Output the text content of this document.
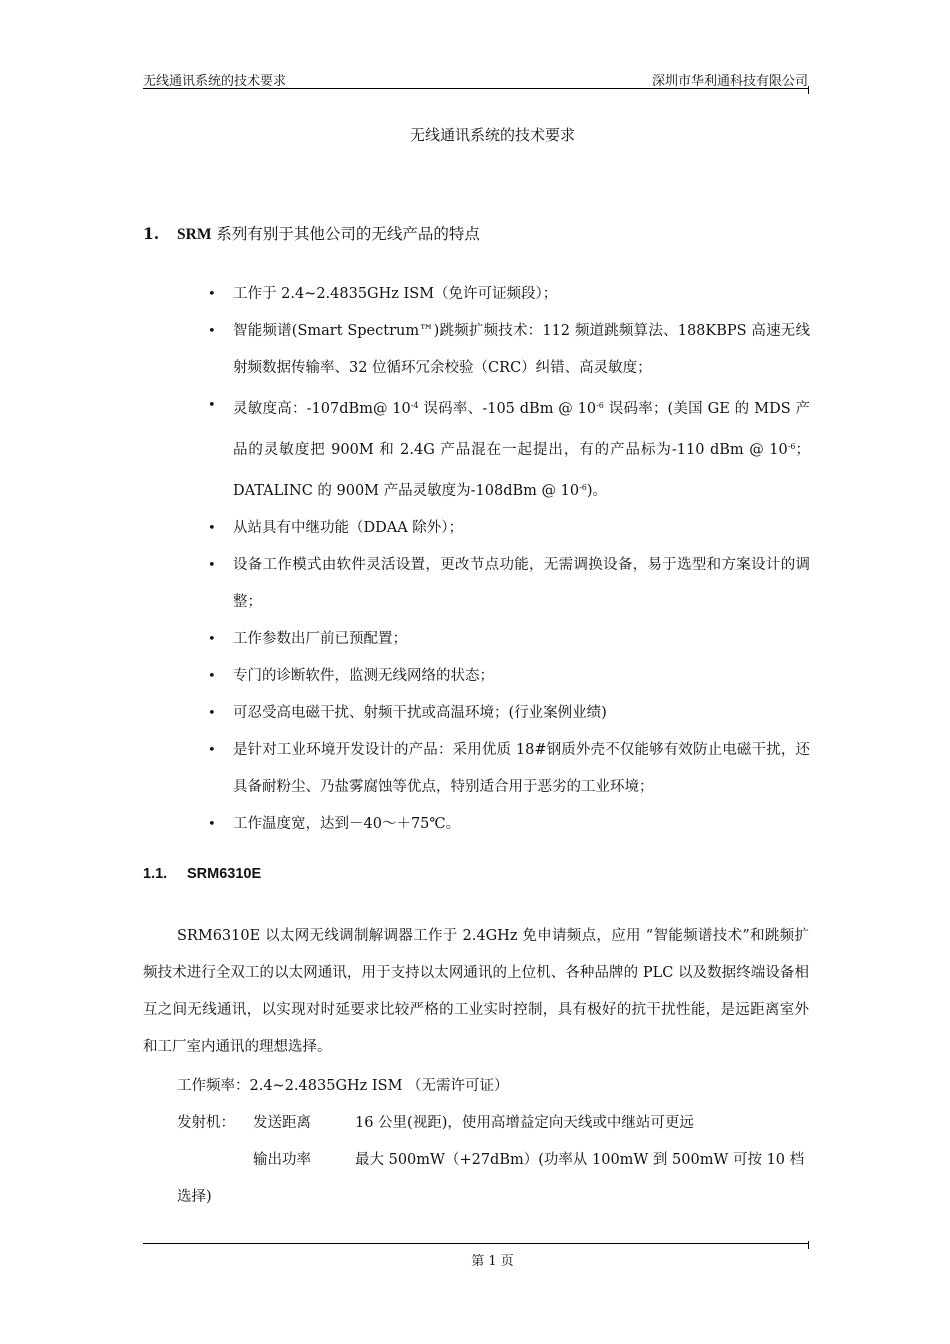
无线通讯系统的技术要求	深圳市华利通科技有限公司
无线通讯系统的技术要求
1. SRM 系列有别于其他公司的无线产品的特点
• 工作于 2.4~2.4835GHz ISM（免许可证频段）；
• 智能频谱(Smart Spectrum™)跳频扩频技术：112 频道跳频算法、188KBPS 高速无线射频数据传输率、32 位循环冗余校验（CRC）纠错、高灵敏度；
• 灵敏度高：-107dBm@ $10^{-4}$ 误码率、-105 dBm @ $10^{-6}$ 误码率；(美国 GE 的 MDS 产品的灵敏度把 900M 和 2.4G 产品混在一起提出，有的产品标为-110 dBm @ $10^{-6}$；DATALINC 的 900M 产品灵敏度为-108dBm @ $10^{-6}$)。
• 从站具有中继功能（DDAA 除外）；
• 设备工作模式由软件灵活设置，更改节点功能，无需调换设备，易于选型和方案设计的调整；
• 工作参数出厂前已预配置；
• 专门的诊断软件，监测无线网络的状态；
• 可忍受高电磁干扰、射频干扰或高温环境；(行业案例业绩)
• 是针对工业环境开发设计的产品：采用优质 18#钢质外壳不仅能够有效防止电磁干扰，还具备耐粉尘、乃盐雾腐蚀等优点，特别适合用于恶劣的工业环境；
• 工作温度宽，达到－40～＋75℃。
1.1. SRM6310E

SRM6310E 以太网无线调制解调器工作于 2.4GHz 免申请频点，应用 “智能频谱技术”和跳频扩频技术进行全双工的以太网通讯，用于支持以太网通讯的上位机、各种品牌的 PLC 以及数据终端设备相互之间无线通讯，以实现对时延要求比较严格的工业实时控制，具有极好的抗干扰性能，是远距离室外和工厂室内通讯的理想选择。

工作频率：2.4~2.4835GHz ISM （无需许可证）
发射机： 发送距离	16 公里(视距)，使用高增益定向天线或中继站可更远
输出功率	最大 500mW（+27dBm）(功率从 100mW 到 500mW 可按 10 档
选择)
第 1 页
